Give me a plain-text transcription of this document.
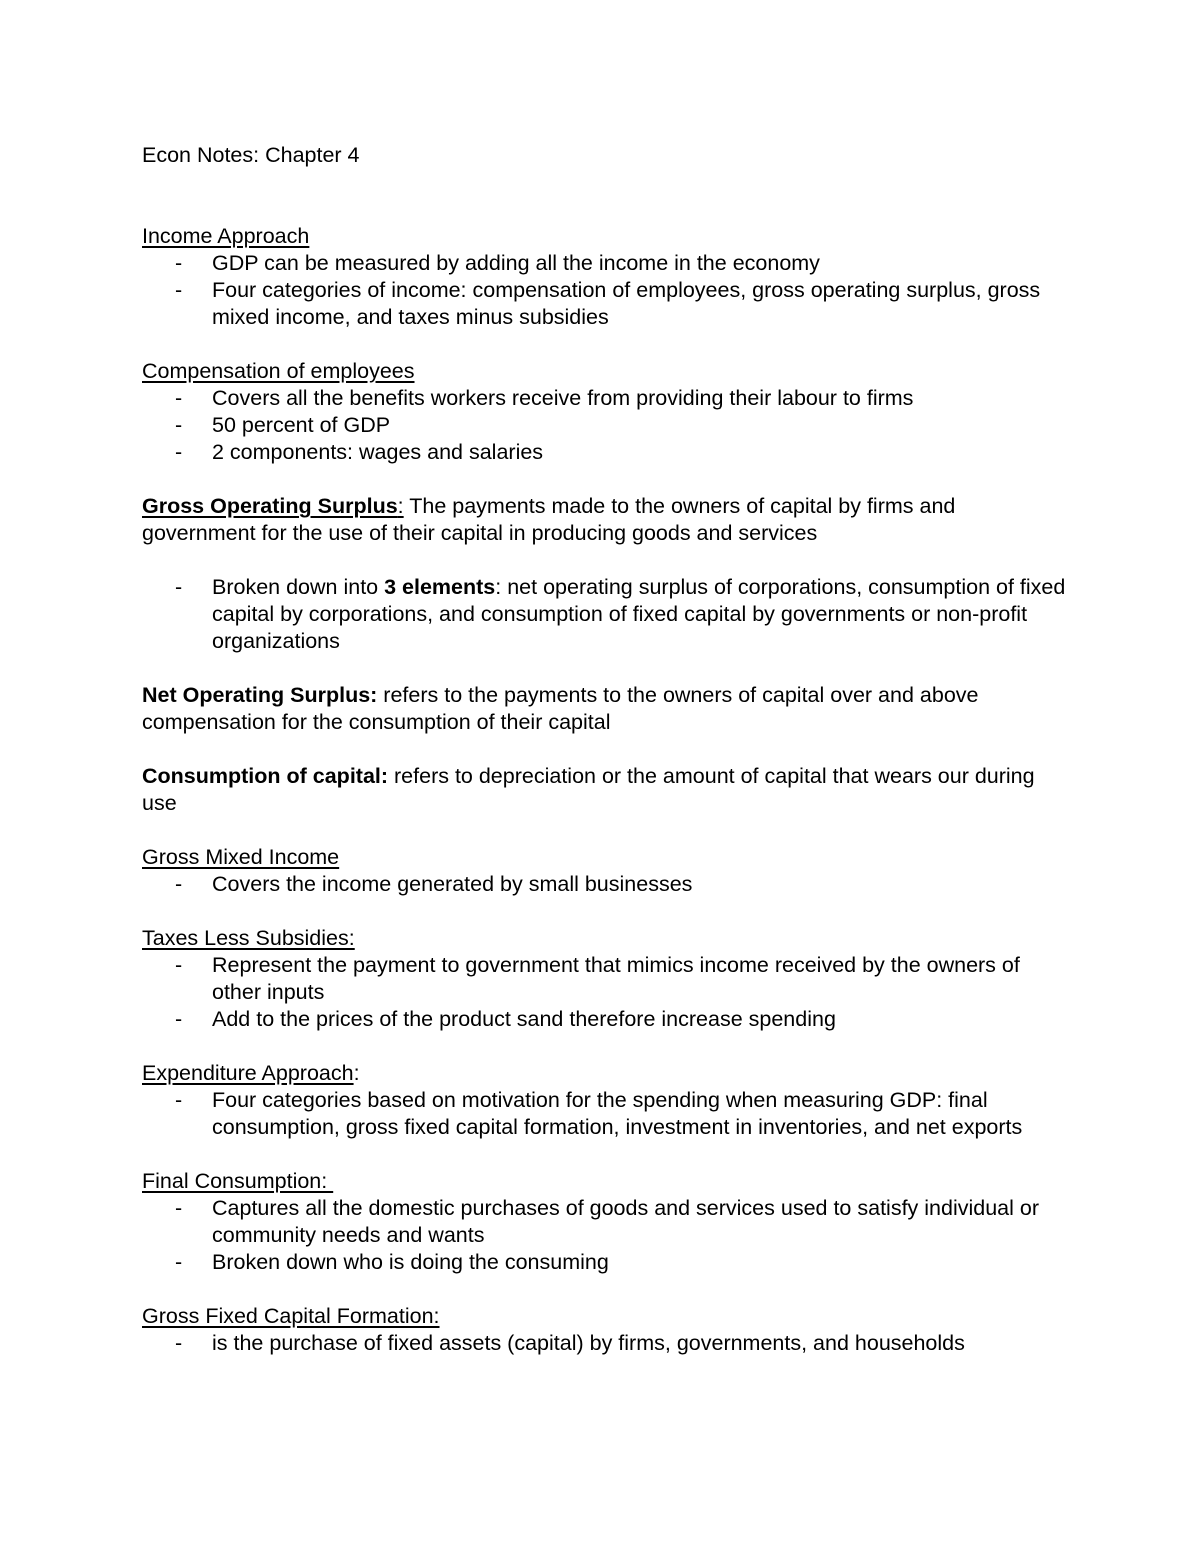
Econ Notes: Chapter 4

Income Approach

- GDP can be measured by adding all the income in the economy
- Four categories of income: compensation of employees, gross operating surplus, gross mixed income, and taxes minus subsidies

Compensation of employees

- Covers all the benefits workers receive from providing their labour to firms
- 50 percent of GDP
- 2 components: wages and salaries

Gross Operating Surplus: The payments made to the owners of capital by firms and government for the use of their capital in producing goods and services

- Broken down into 3 elements: net operating surplus of corporations, consumption of fixed capital by corporations, and consumption of fixed capital by governments or non-profit organizations

Net Operating Surplus: refers to the payments to the owners of capital over and above compensation for the consumption of their capital

Consumption of capital: refers to depreciation or the amount of capital that wears our during use

Gross Mixed Income

- Covers the income generated by small businesses

Taxes Less Subsidies:

- Represent the payment to government that mimics income received by the owners of other inputs
- Add to the prices of the product sand therefore increase spending

Expenditure Approach:

- Four categories based on motivation for the spending when measuring GDP: final consumption, gross fixed capital formation, investment in inventories, and net exports

Final Consumption:

- Captures all the domestic purchases of goods and services used to satisfy individual or community needs and wants
- Broken down who is doing the consuming

Gross Fixed Capital Formation:

- is the purchase of fixed assets (capital) by firms, governments, and households
